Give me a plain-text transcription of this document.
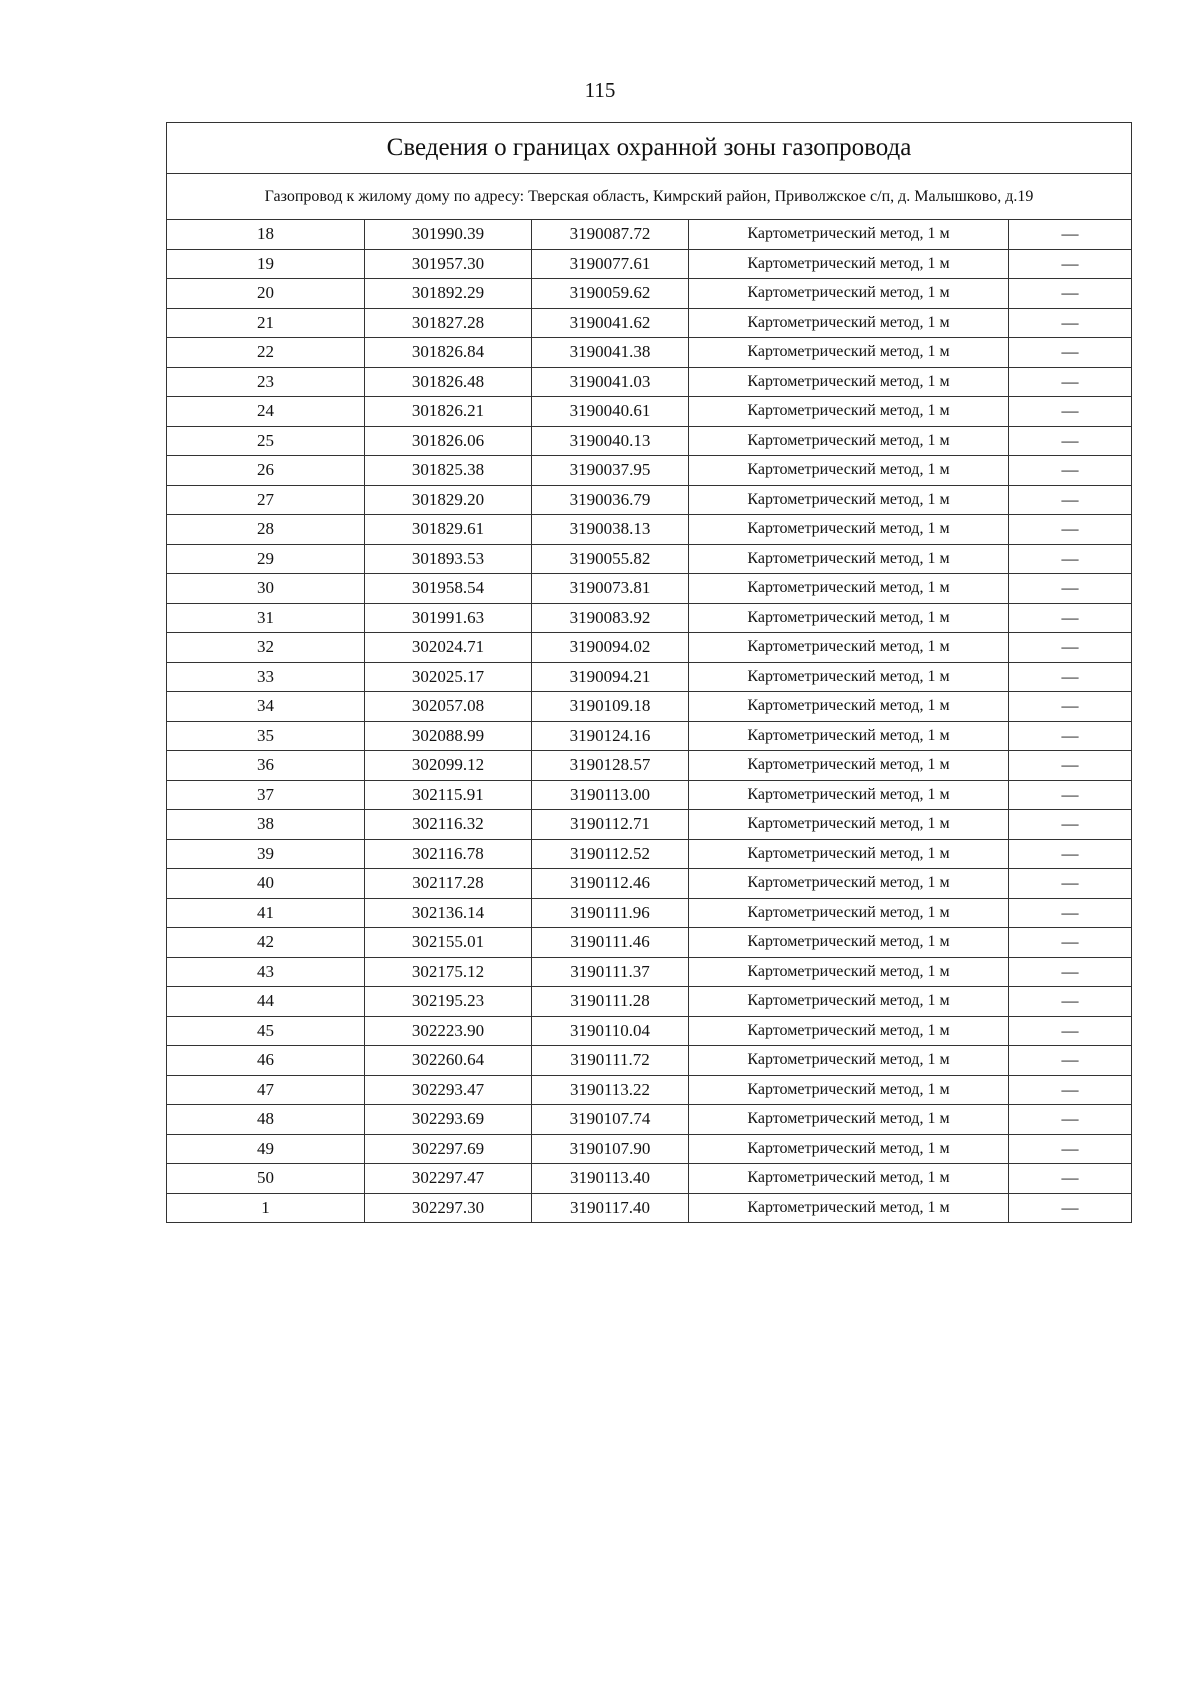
115
Сведения о границах охранной зоны газопровода				
Газопровод к жилому дому по адресу: Тверская область, Кимрский район, Приволжское с/п, д. Малышково, д.19				
18	301990.39	3190087.72	Картометрический метод, 1 м	—
19	301957.30	3190077.61	Картометрический метод, 1 м	—
20	301892.29	3190059.62	Картометрический метод, 1 м	—
21	301827.28	3190041.62	Картометрический метод, 1 м	—
22	301826.84	3190041.38	Картометрический метод, 1 м	—
23	301826.48	3190041.03	Картометрический метод, 1 м	—
24	301826.21	3190040.61	Картометрический метод, 1 м	—
25	301826.06	3190040.13	Картометрический метод, 1 м	—
26	301825.38	3190037.95	Картометрический метод, 1 м	—
27	301829.20	3190036.79	Картометрический метод, 1 м	—
28	301829.61	3190038.13	Картометрический метод, 1 м	—
29	301893.53	3190055.82	Картометрический метод, 1 м	—
30	301958.54	3190073.81	Картометрический метод, 1 м	—
31	301991.63	3190083.92	Картометрический метод, 1 м	—
32	302024.71	3190094.02	Картометрический метод, 1 м	—
33	302025.17	3190094.21	Картометрический метод, 1 м	—
34	302057.08	3190109.18	Картометрический метод, 1 м	—
35	302088.99	3190124.16	Картометрический метод, 1 м	—
36	302099.12	3190128.57	Картометрический метод, 1 м	—
37	302115.91	3190113.00	Картометрический метод, 1 м	—
38	302116.32	3190112.71	Картометрический метод, 1 м	—
39	302116.78	3190112.52	Картометрический метод, 1 м	—
40	302117.28	3190112.46	Картометрический метод, 1 м	—
41	302136.14	3190111.96	Картометрический метод, 1 м	—
42	302155.01	3190111.46	Картометрический метод, 1 м	—
43	302175.12	3190111.37	Картометрический метод, 1 м	—
44	302195.23	3190111.28	Картометрический метод, 1 м	—
45	302223.90	3190110.04	Картометрический метод, 1 м	—
46	302260.64	3190111.72	Картометрический метод, 1 м	—
47	302293.47	3190113.22	Картометрический метод, 1 м	—
48	302293.69	3190107.74	Картометрический метод, 1 м	—
49	302297.69	3190107.90	Картометрический метод, 1 м	—
50	302297.47	3190113.40	Картометрический метод, 1 м	—
1	302297.30	3190117.40	Картометрический метод, 1 м	—
